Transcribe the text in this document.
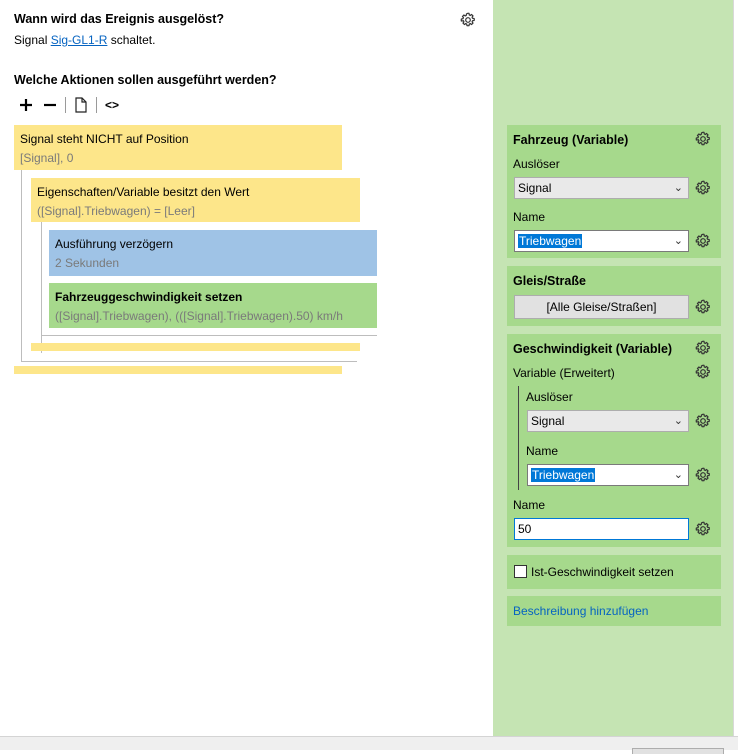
Wann wird das Ereignis ausgelöst?
Signal Sig-GL1-R schaltet.
Welche Aktionen sollen ausgeführt werden?
<>
Signal steht NICHT auf Position
[Signal], 0
Eigenschaften/Variable besitzt den Wert
([Signal].Triebwagen) = [Leer]
Ausführung verzögern
2 Sekunden
Fahrzeuggeschwindigkeit setzen
([Signal].Triebwagen), (([Signal].Triebwagen).50) km/h
Fahrzeug (Variable)
Auslöser
Signal	⌄
Name
Triebwagen	⌄
Gleis/Straße
[Alle Gleise/Straßen]
Geschwindigkeit (Variable)
Variable (Erweitert)
Auslöser
Signal	⌄
Name
Triebwagen	⌄
Name
50
Ist-Geschwindigkeit setzen
Beschreibung hinzufügen
